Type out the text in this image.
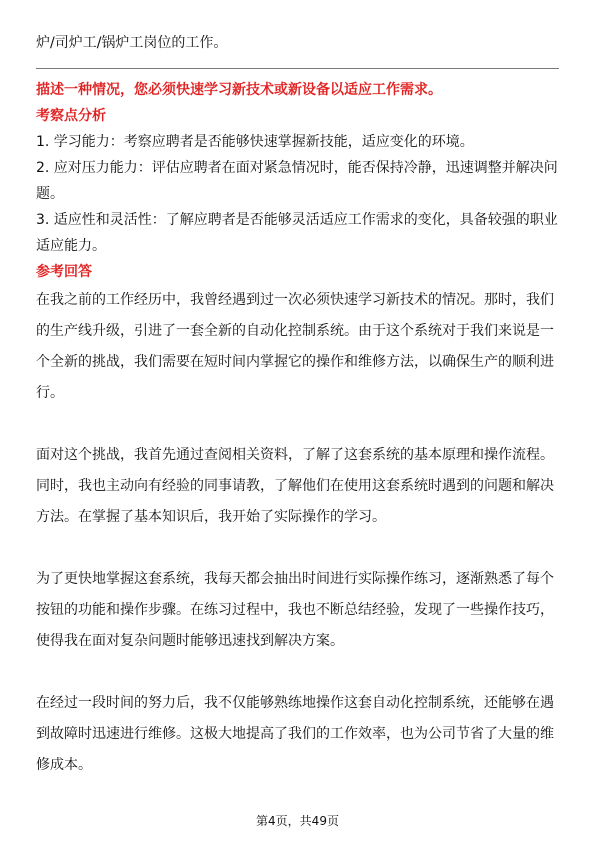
炉/司炉工/锅炉工岗位的工作。

描述一种情况，您必须快速学习新技术或新设备以适应工作需求。

考察点分析

1. 学习能力：考察应聘者是否能够快速掌握新技能，适应变化的环境。

2. 应对压力能力：评估应聘者在面对紧急情况时，能否保持冷静，迅速调整并解决问题。

3. 适应性和灵活性：了解应聘者是否能够灵活适应工作需求的变化，具备较强的职业适应能力。

参考回答

在我之前的工作经历中，我曾经遇到过一次必须快速学习新技术的情况。那时，我们的生产线升级，引进了一套全新的自动化控制系统。由于这个系统对于我们来说是一个全新的挑战，我们需要在短时间内掌握它的操作和维修方法，以确保生产的顺利进行。

面对这个挑战，我首先通过查阅相关资料，了解了这套系统的基本原理和操作流程。同时，我也主动向有经验的同事请教，了解他们在使用这套系统时遇到的问题和解决方法。在掌握了基本知识后，我开始了实际操作的学习。

为了更快地掌握这套系统，我每天都会抽出时间进行实际操作练习，逐渐熟悉了每个按钮的功能和操作步骤。在练习过程中，我也不断总结经验，发现了一些操作技巧，使得我在面对复杂问题时能够迅速找到解决方案。

在经过一段时间的努力后，我不仅能够熟练地操作这套自动化控制系统，还能够在遇到故障时迅速进行维修。这极大地提高了我们的工作效率，也为公司节省了大量的维修成本。

第4页，共49页
